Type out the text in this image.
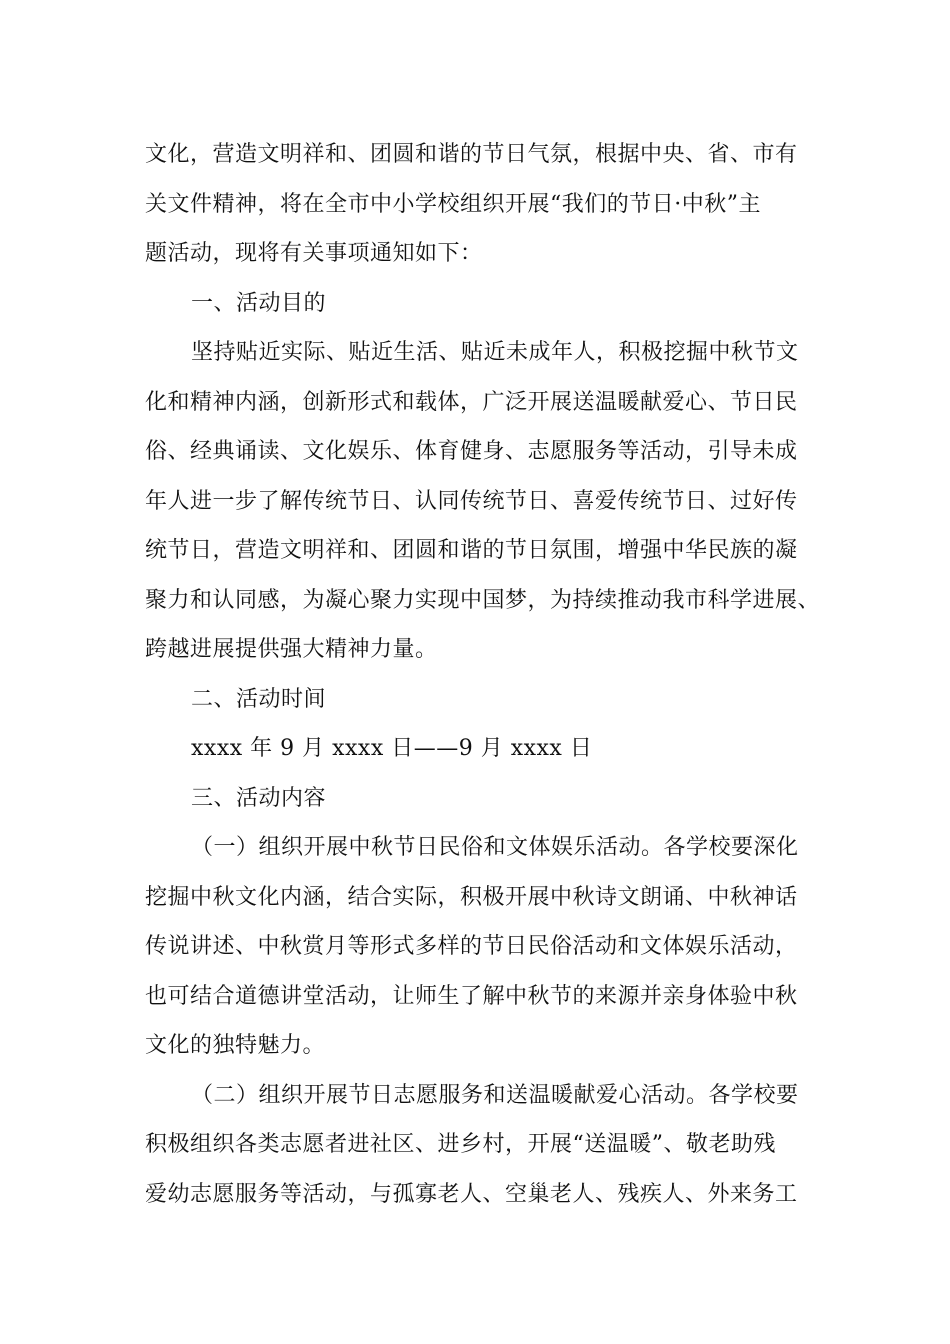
文化，营造文明祥和、团圆和谐的节日气氛，根据中央、省、市有
关文件精神，将在全市中小学校组织开展“我们的节日·中秋”主
题活动，现将有关事项通知如下：
一、活动目的
坚持贴近实际、贴近生活、贴近未成年人，积极挖掘中秋节文
化和精神内涵，创新形式和载体，广泛开展送温暖献爱心、节日民
俗、经典诵读、文化娱乐、体育健身、志愿服务等活动，引导未成
年人进一步了解传统节日、认同传统节日、喜爱传统节日、过好传
统节日，营造文明祥和、团圆和谐的节日氛围，增强中华民族的凝
聚力和认同感，为凝心聚力实现中国梦，为持续推动我市科学进展、
跨越进展提供强大精神力量。
二、活动时间
xxxx 年 9 月 xxxx 日——9 月 xxxx 日
三、活动内容
（一）组织开展中秋节日民俗和文体娱乐活动。各学校要深化
挖掘中秋文化内涵，结合实际，积极开展中秋诗文朗诵、中秋神话
传说讲述、中秋赏月等形式多样的节日民俗活动和文体娱乐活动，
也可结合道德讲堂活动，让师生了解中秋节的来源并亲身体验中秋
文化的独特魅力。
（二）组织开展节日志愿服务和送温暖献爱心活动。各学校要
积极组织各类志愿者进社区、进乡村，开展“送温暖”、敬老助残
爱幼志愿服务等活动，与孤寡老人、空巢老人、残疾人、外来务工
